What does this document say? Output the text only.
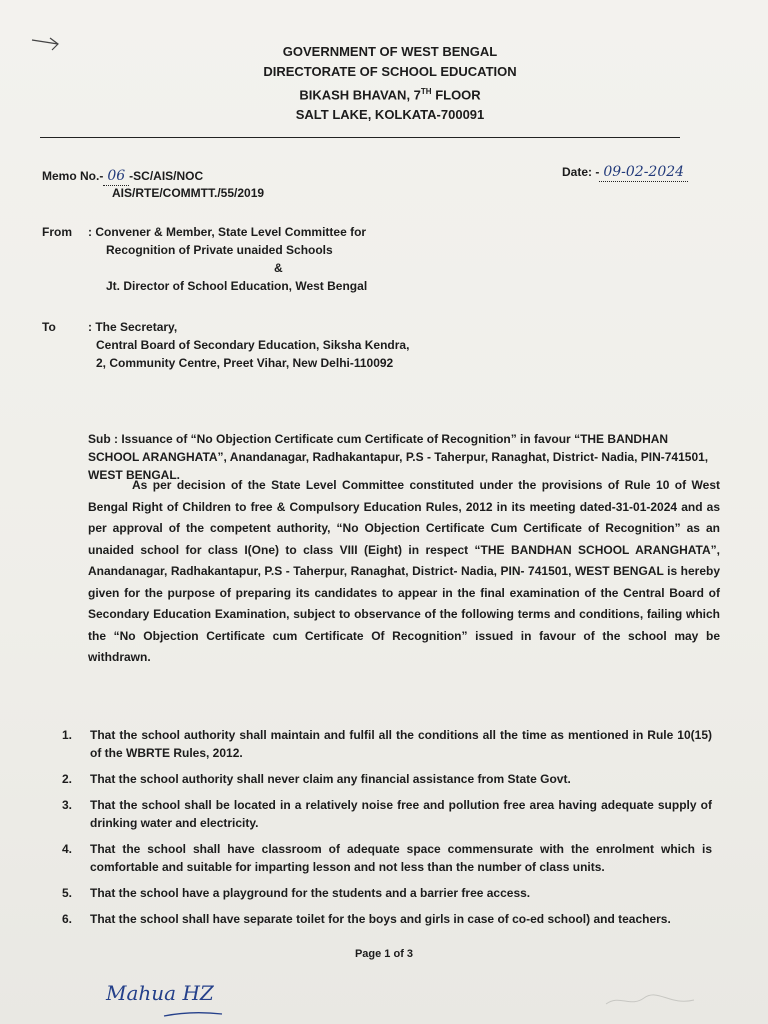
GOVERNMENT OF WEST BENGAL
DIRECTORATE OF SCHOOL EDUCATION
BIKASH BHAVAN, 7TH FLOOR
SALT LAKE, KOLKATA-700091
Memo No.- 06 -SC/AIS/NOC
AIS/RTE/COMMTT./55/2019
Date: - 09-02-2024
From : Convener & Member, State Level Committee for
Recognition of Private unaided Schools
&
Jt. Director of School Education, West Bengal
To	: The Secretary,
Central Board of Secondary Education, Siksha Kendra,
2, Community Centre, Preet Vihar, New Delhi-110092
Sub : Issuance of “No Objection Certificate cum Certificate of Recognition” in favour “THE BANDHAN SCHOOL ARANGHATA”, Anandanagar, Radhakantapur, P.S - Taherpur, Ranaghat, District- Nadia, PIN-741501, WEST BENGAL.
As per decision of the State Level Committee constituted under the provisions of Rule 10 of West Bengal Right of Children to free & Compulsory Education Rules, 2012 in its meeting dated-31-01-2024 and as per approval of the competent authority, “No Objection Certificate Cum Certificate of Recognition” as an unaided school for class I(One) to class VIII (Eight) in respect “THE BANDHAN SCHOOL ARANGHATA”, Anandanagar, Radhakantapur, P.S - Taherpur, Ranaghat, District- Nadia, PIN- 741501, WEST BENGAL is hereby given for the purpose of preparing its candidates to appear in the final examination of the Central Board of Secondary Education Examination, subject to observance of the following terms and conditions, failing which the “No Objection Certificate cum Certificate Of Recognition” issued in favour of the school may be withdrawn.
1. That the school authority shall maintain and fulfil all the conditions all the time as mentioned in Rule 10(15) of the WBRTE Rules, 2012.
2. That the school authority shall never claim any financial assistance from State Govt.
3. That the school shall be located in a relatively noise free and pollution free area having adequate supply of drinking water and electricity.
4. That the school shall have classroom of adequate space commensurate with the enrolment which is comfortable and suitable for imparting lesson and not less than the number of class units.
5. That the school have a playground for the students and a barrier free access.
6. That the school shall have separate toilet for the boys and girls in case of co-ed school) and teachers.
Page 1 of 3
Mahua HZ
